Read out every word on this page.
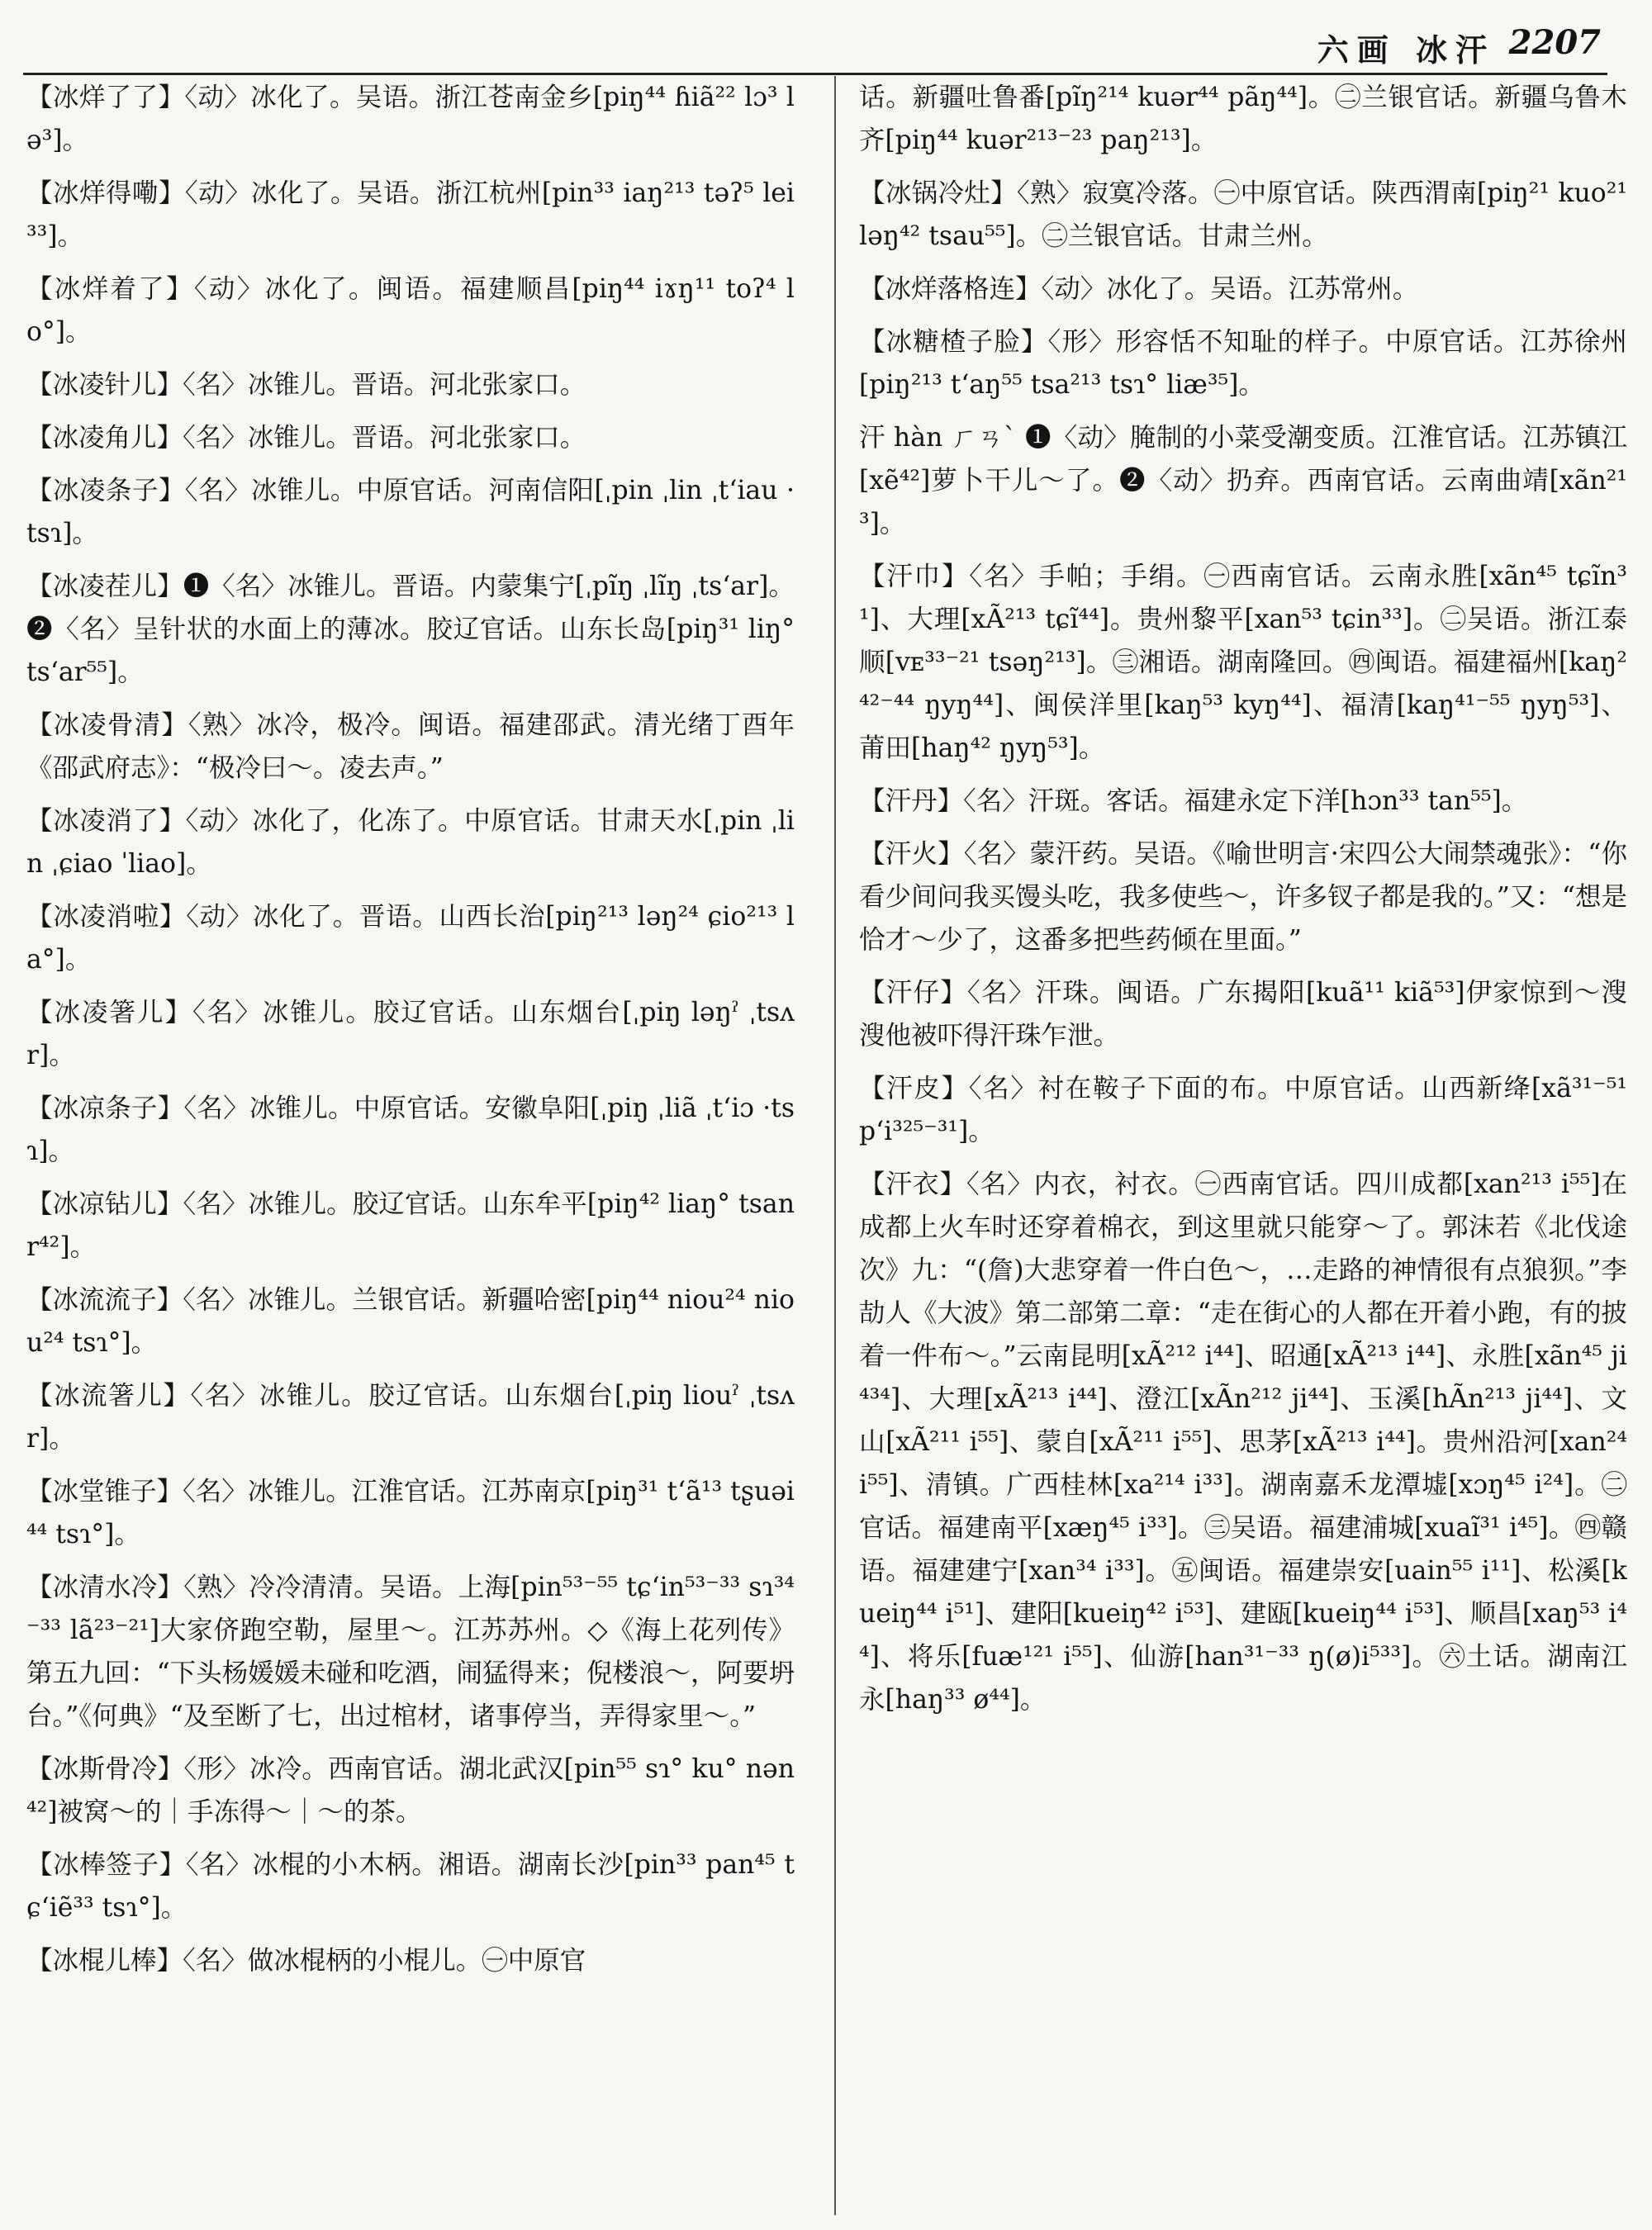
六画 冰汗 2207

【冰烊了了】〈动〉冰化了。吴语。浙江苍南金乡[piŋ⁴⁴ ɦiã²² lɔ³ lə³]。

【冰烊得嘞】〈动〉冰化了。吴语。浙江杭州[pin³³ iaŋ²¹³ təʔ⁵ lei³³]。

【冰烊着了】〈动〉冰化了。闽语。福建顺昌[piŋ⁴⁴ iɤŋ¹¹ toʔ⁴ lo°]。

【冰凌针儿】〈名〉冰锥儿。晋语。河北张家口。

【冰凌角儿】〈名〉冰锥儿。晋语。河北张家口。

【冰凌条子】〈名〉冰锥儿。中原官话。河南信阳[ˌpin ˌlin ˌt‘iau ·tsɿ]。

【冰凌茬儿】❶〈名〉冰锥儿。晋语。内蒙集宁[ˌpĩŋ ˌlĩŋ ˌts‘ar]。❷〈名〉呈针状的水面上的薄冰。胶辽官话。山东长岛[piŋ³¹ liŋ° ts‘ar⁵⁵]。

【冰凌骨清】〈熟〉冰冷，极冷。闽语。福建邵武。清光绪丁酉年《邵武府志》：“极冷曰～。凌去声。”

【冰凌消了】〈动〉冰化了，化冻了。中原官话。甘肃天水[ˌpin ˌlin ˌɕiao ˈliao]。

【冰凌消啦】〈动〉冰化了。晋语。山西长治[piŋ²¹³ ləŋ²⁴ ɕio²¹³ la°]。

【冰凌箸儿】〈名〉冰锥儿。胶辽官话。山东烟台[ˌpiŋ ləŋˀ ˌtsʌr]。

【冰凉条子】〈名〉冰锥儿。中原官话。安徽阜阳[ˌpiŋ ˌliã ˌt‘iɔ ·tsɿ]。

【冰凉钻儿】〈名〉冰锥儿。胶辽官话。山东牟平[piŋ⁴² liaŋ° tsanr⁴²]。

【冰流流子】〈名〉冰锥儿。兰银官话。新疆哈密[piŋ⁴⁴ niou²⁴ niou²⁴ tsɿ°]。

【冰流箸儿】〈名〉冰锥儿。胶辽官话。山东烟台[ˌpiŋ liouˀ ˌtsʌr]。

【冰堂锥子】〈名〉冰锥儿。江淮官话。江苏南京[piŋ³¹ t‘ã¹³ tʂuəi⁴⁴ tsɿ°]。

【冰清水冷】〈熟〉冷冷清清。吴语。上海[pin⁵³⁻⁵⁵ tɕ‘in⁵³⁻³³ sɿ³⁴⁻³³ lã²³⁻²¹]大家侪跑空勒，屋里～。江苏苏州。◇《海上花列传》第五九回：“下头杨媛媛未碰和吃酒，闹猛得来；倪楼浪～，阿要坍台。”《何典》“及至断了七，出过棺材，诸事停当，弄得家里～。”

【冰斯骨冷】〈形〉冰冷。西南官话。湖北武汉[pin⁵⁵ sɿ° ku° nən⁴²]被窝～的｜手冻得～｜～的茶。

【冰棒签子】〈名〉冰棍的小木柄。湘语。湖南长沙[pin³³ pan⁴⁵ tɕ‘iẽ³³ tsɿ°]。

【冰棍儿棒】〈名〉做冰棍柄的小棍儿。㊀中原官

话。新疆吐鲁番[pĩŋ²¹⁴ kuər⁴⁴ pãŋ⁴⁴]。㊁兰银官话。新疆乌鲁木齐[piŋ⁴⁴ kuər²¹³⁻²³ paŋ²¹³]。

【冰锅冷灶】〈熟〉寂寞冷落。㊀中原官话。陕西渭南[piŋ²¹ kuo²¹ ləŋ⁴² tsau⁵⁵]。㊁兰银官话。甘肃兰州。

【冰烊落格连】〈动〉冰化了。吴语。江苏常州。

【冰糖楂子脸】〈形〉形容恬不知耻的样子。中原官话。江苏徐州[piŋ²¹³ t‘aŋ⁵⁵ tsa²¹³ tsɿ° liæ³⁵]。

汗 hàn ㄏㄢˋ ❶〈动〉腌制的小菜受潮变质。江淮官话。江苏镇江[xẽ⁴²]萝卜干儿～了。❷〈动〉扔弃。西南官话。云南曲靖[xãn²¹³]。

【汗巾】〈名〉手帕；手绢。㊀西南官话。云南永胜[xãn⁴⁵ tɕĩn³¹]、大理[xÃ²¹³ tɕĩ⁴⁴]。贵州黎平[xan⁵³ tɕin³³]。㊁吴语。浙江泰顺[vᴇ³³⁻²¹ tsəŋ²¹³]。㊂湘语。湖南隆回。㊃闽语。福建福州[kaŋ²⁴²⁻⁴⁴ ŋyŋ⁴⁴]、闽侯洋里[kaŋ⁵³ kyŋ⁴⁴]、福清[kaŋ⁴¹⁻⁵⁵ ŋyŋ⁵³]、莆田[haŋ⁴² ŋyŋ⁵³]。

【汗丹】〈名〉汗斑。客话。福建永定下洋[hɔn³³ tan⁵⁵]。

【汗火】〈名〉蒙汗药。吴语。《喻世明言·宋四公大闹禁魂张》：“你看少间问我买馒头吃，我多使些～，许多钗子都是我的。”又：“想是恰才～少了，这番多把些药倾在里面。”

【汗仔】〈名〉汗珠。闽语。广东揭阳[kuã¹¹ kiã⁵³]伊家惊到～溲溲他被吓得汗珠乍泄。

【汗皮】〈名〉衬在鞍子下面的布。中原官话。山西新绛[xã³¹⁻⁵¹ p‘i³²⁵⁻³¹]。

【汗衣】〈名〉内衣，衬衣。㊀西南官话。四川成都[xan²¹³ i⁵⁵]在成都上火车时还穿着棉衣，到这里就只能穿～了。郭沫若《北伐途次》九：“(詹)大悲穿着一件白色～，…走路的神情很有点狼狈。”李劼人《大波》第二部第二章：“走在街心的人都在开着小跑，有的披着一件布～。”云南昆明[xÃ²¹² i⁴⁴]、昭通[xÃ²¹³ i⁴⁴]、永胜[xãn⁴⁵ ji⁴³⁴]、大理[xÃ²¹³ i⁴⁴]、澄江[xÃn²¹² ji⁴⁴]、玉溪[hÃn²¹³ ji⁴⁴]、文山[xÃ²¹¹ i⁵⁵]、蒙自[xÃ²¹¹ i⁵⁵]、思茅[xÃ²¹³ i⁴⁴]。贵州沿河[xan²⁴ i⁵⁵]、清镇。广西桂林[xa²¹⁴ i³³]。湖南嘉禾龙潭墟[xɔŋ⁴⁵ i²⁴]。㊁官话。福建南平[xæŋ⁴⁵ i³³]。㊂吴语。福建浦城[xuaĩ³¹ i⁴⁵]。㊃赣语。福建建宁[xan³⁴ i³³]。㊄闽语。福建崇安[uain⁵⁵ i¹¹]、松溪[kueiŋ⁴⁴ i⁵¹]、建阳[kueiŋ⁴² i⁵³]、建瓯[kueiŋ⁴⁴ i⁵³]、顺昌[xaŋ⁵³ i⁴⁴]、将乐[fuæ¹²¹ i⁵⁵]、仙游[han³¹⁻³³ ŋ(ø)i⁵³³]。㊅土话。湖南江永[haŋ³³ ø⁴⁴]。
